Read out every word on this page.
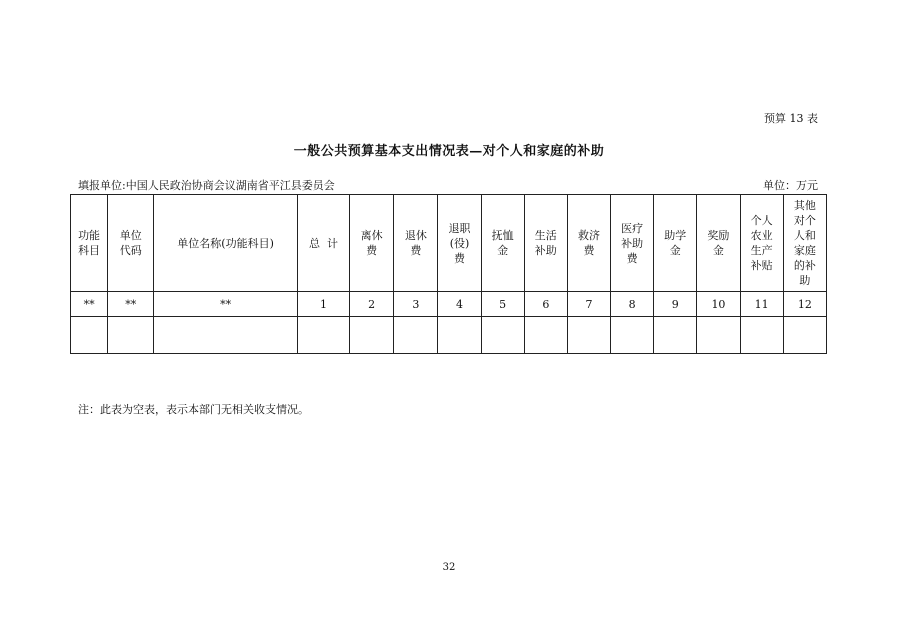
预算 13 表
一般公共预算基本支出情况表—对个人和家庭的补助
填报单位:中国人民政治协商会议湖南省平江县委员会	单位：万元
功能科目	单位代码	单位名称(功能科目)	总  计	离休费	退休费	退职(役)费	抚恤金	生活补助	救济费	医疗补助费	助学金	奖励金	个人农业生产补贴	其他对个人和家庭的补助
**	**	**	1	2	3	4	5	6	7	8	9	10	11	12

注：此表为空表，表示本部门无相关收支情况。
32
